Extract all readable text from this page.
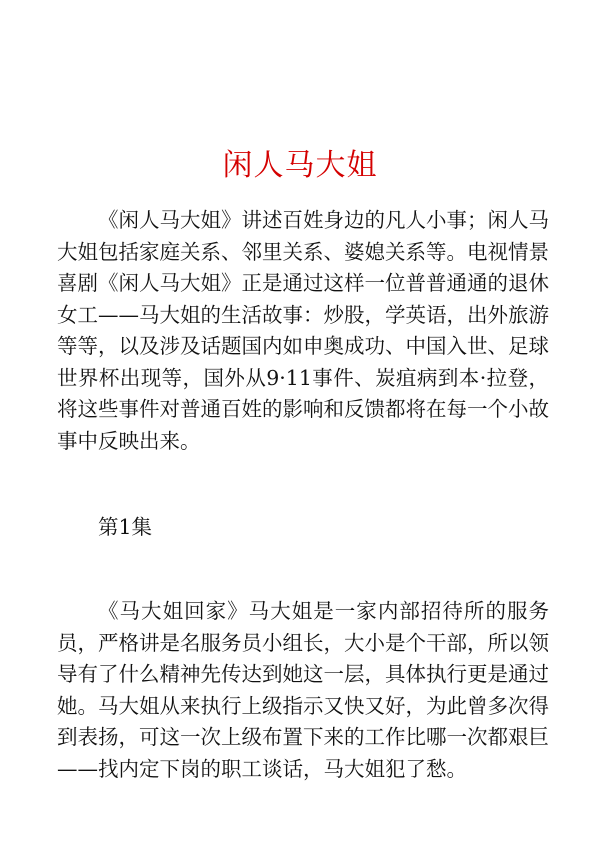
闲人马大姐

《闲人马大姐》讲述百姓身边的凡人小事；闲人马大姐包括家庭关系、邻里关系、婆媳关系等。电视情景喜剧《闲人马大姐》正是通过这样一位普普通通的退休女工——马大姐的生活故事：炒股，学英语，出外旅游等等，以及涉及话题国内如申奥成功、中国入世、足球世界杯出现等，国外从9·11事件、炭疽病到本·拉登，将这些事件对普通百姓的影响和反馈都将在每一个小故事中反映出来。

第1集

《马大姐回家》马大姐是一家内部招待所的服务员，严格讲是名服务员小组长，大小是个干部，所以领导有了什么精神先传达到她这一层，具体执行更是通过她。马大姐从来执行上级指示又快又好，为此曾多次得到表扬，可这一次上级布置下来的工作比哪一次都艰巨——找内定下岗的职工谈话，马大姐犯了愁。
